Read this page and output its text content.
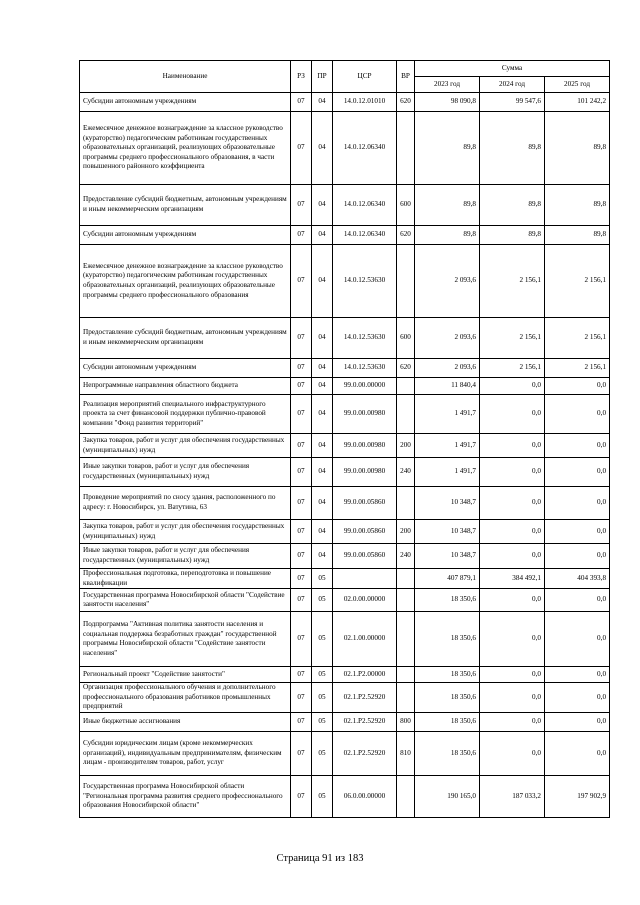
Наименование	РЗ	ПР	ЦСР	ВР	Сумма		
					2023 год	2024 год	2025 год
Субсидии автономным учреждениям	07	04	14.0.12.01010	620	98 090,8	99 547,6	101 242,2
Ежемесячное денежное вознаграждение за классное руководство (кураторство) педагогическим работникам государственных образовательных организаций, реализующих образовательные программы среднего профессионального образования, в части повышенного районного коэффициента	07	04	14.0.12.06340		89,8	89,8	89,8
Предоставление субсидий бюджетным, автономным учреждениям и иным некоммерческим организациям	07	04	14.0.12.06340	600	89,8	89,8	89,8
Субсидии автономным учреждениям	07	04	14.0.12.06340	620	89,8	89,8	89,8
Ежемесячное денежное вознаграждение за классное руководство (кураторство) педагогическим работникам государственных образовательных организаций, реализующих образовательные программы среднего профессионального образования	07	04	14.0.12.53630		2 093,6	2 156,1	2 156,1
Предоставление субсидий бюджетным, автономным учреждениям и иным некоммерческим организациям	07	04	14.0.12.53630	600	2 093,6	2 156,1	2 156,1
Субсидии автономным учреждениям	07	04	14.0.12.53630	620	2 093,6	2 156,1	2 156,1
Непрограммные направления областного бюджета	07	04	99.0.00.00000		11 840,4	0,0	0,0
Реализация мероприятий специального инфраструктурного проекта за счет финансовой поддержки публично-правовой компании "Фонд развития территорий"	07	04	99.0.00.00980		1 491,7	0,0	0,0
Закупка товаров, работ и услуг для обеспечения государственных (муниципальных) нужд	07	04	99.0.00.00980	200	1 491,7	0,0	0,0
Иные закупки товаров, работ и услуг для обеспечения государственных (муниципальных) нужд	07	04	99.0.00.00980	240	1 491,7	0,0	0,0
Проведение мероприятий по сносу здания, расположенного по адресу: г. Новосибирск, ул. Ватутина, 63	07	04	99.0.00.05860		10 348,7	0,0	0,0
Закупка товаров, работ и услуг для обеспечения государственных (муниципальных) нужд	07	04	99.0.00.05860	200	10 348,7	0,0	0,0
Иные закупки товаров, работ и услуг для обеспечения государственных (муниципальных) нужд	07	04	99.0.00.05860	240	10 348,7	0,0	0,0
Профессиональная подготовка, переподготовка и повышение квалификации	07	05			407 879,1	384 492,1	404 393,8
Государственная программа Новосибирской области "Содействие занятости населения"	07	05	02.0.00.00000		18 350,6	0,0	0,0
Подпрограмма "Активная политика занятости населения и социальная поддержка безработных граждан" государственной программы Новосибирской области "Содействие занятости населения"	07	05	02.1.00.00000		18 350,6	0,0	0,0
Региональный проект "Содействие занятости"	07	05	02.1.P2.00000		18 350,6	0,0	0,0
Организация профессионального обучения и дополнительного профессионального образования работников промышленных предприятий	07	05	02.1.P2.52920		18 350,6	0,0	0,0
Иные бюджетные ассигнования	07	05	02.1.P2.52920	800	18 350,6	0,0	0,0
Субсидии юридическим лицам (кроме некоммерческих организаций), индивидуальным предпринимателям, физическим лицам - производителям товаров, работ, услуг	07	05	02.1.P2.52920	810	18 350,6	0,0	0,0
Государственная программа Новосибирской области "Региональная программа развития среднего профессионального образования Новосибирской области"	07	05	06.0.00.00000		190 165,0	187 033,2	197 902,9
Страница 91 из 183
